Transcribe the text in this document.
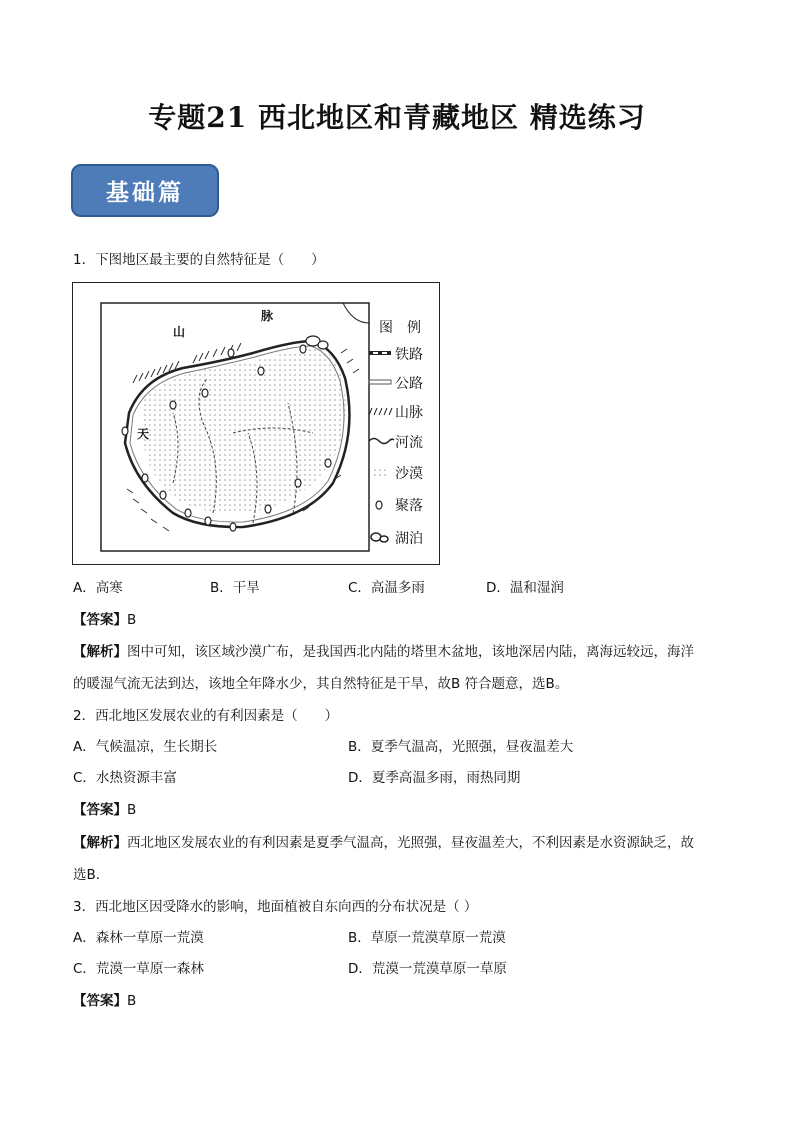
专题21 西北地区和青藏地区 精选练习
基础篇
1．下图地区最主要的自然特征是（　　）
天
山
脉
图例
铁路
公路
山脉
河流
沙漠
聚落
湖泊
A．高寒	B．干旱	C．高温多雨	D．温和湿润
【答案】B
【解析】图中可知，该区域沙漠广布，是我国西北内陆的塔里木盆地，该地深居内陆，离海远较远，海洋
的暖湿气流无法到达，该地全年降水少，其自然特征是干旱，故B 符合题意，选B。
2．西北地区发展农业的有利因素是（　　）
A．气候温凉，生长期长	B．夏季气温高，光照强，昼夜温差大
C．水热资源丰富	D．夏季高温多雨，雨热同期
【答案】B
【解析】西北地区发展农业的有利因素是夏季气温高，光照强，昼夜温差大，不利因素是水资源缺乏，故
选B．
3．西北地区因受降水的影响，地面植被自东向西的分布状况是（ ）
A．森林一草原一荒漠	B．草原一荒漠草原一荒漠
C．荒漠一草原一森林	D．荒漠一荒漠草原一草原
【答案】B
